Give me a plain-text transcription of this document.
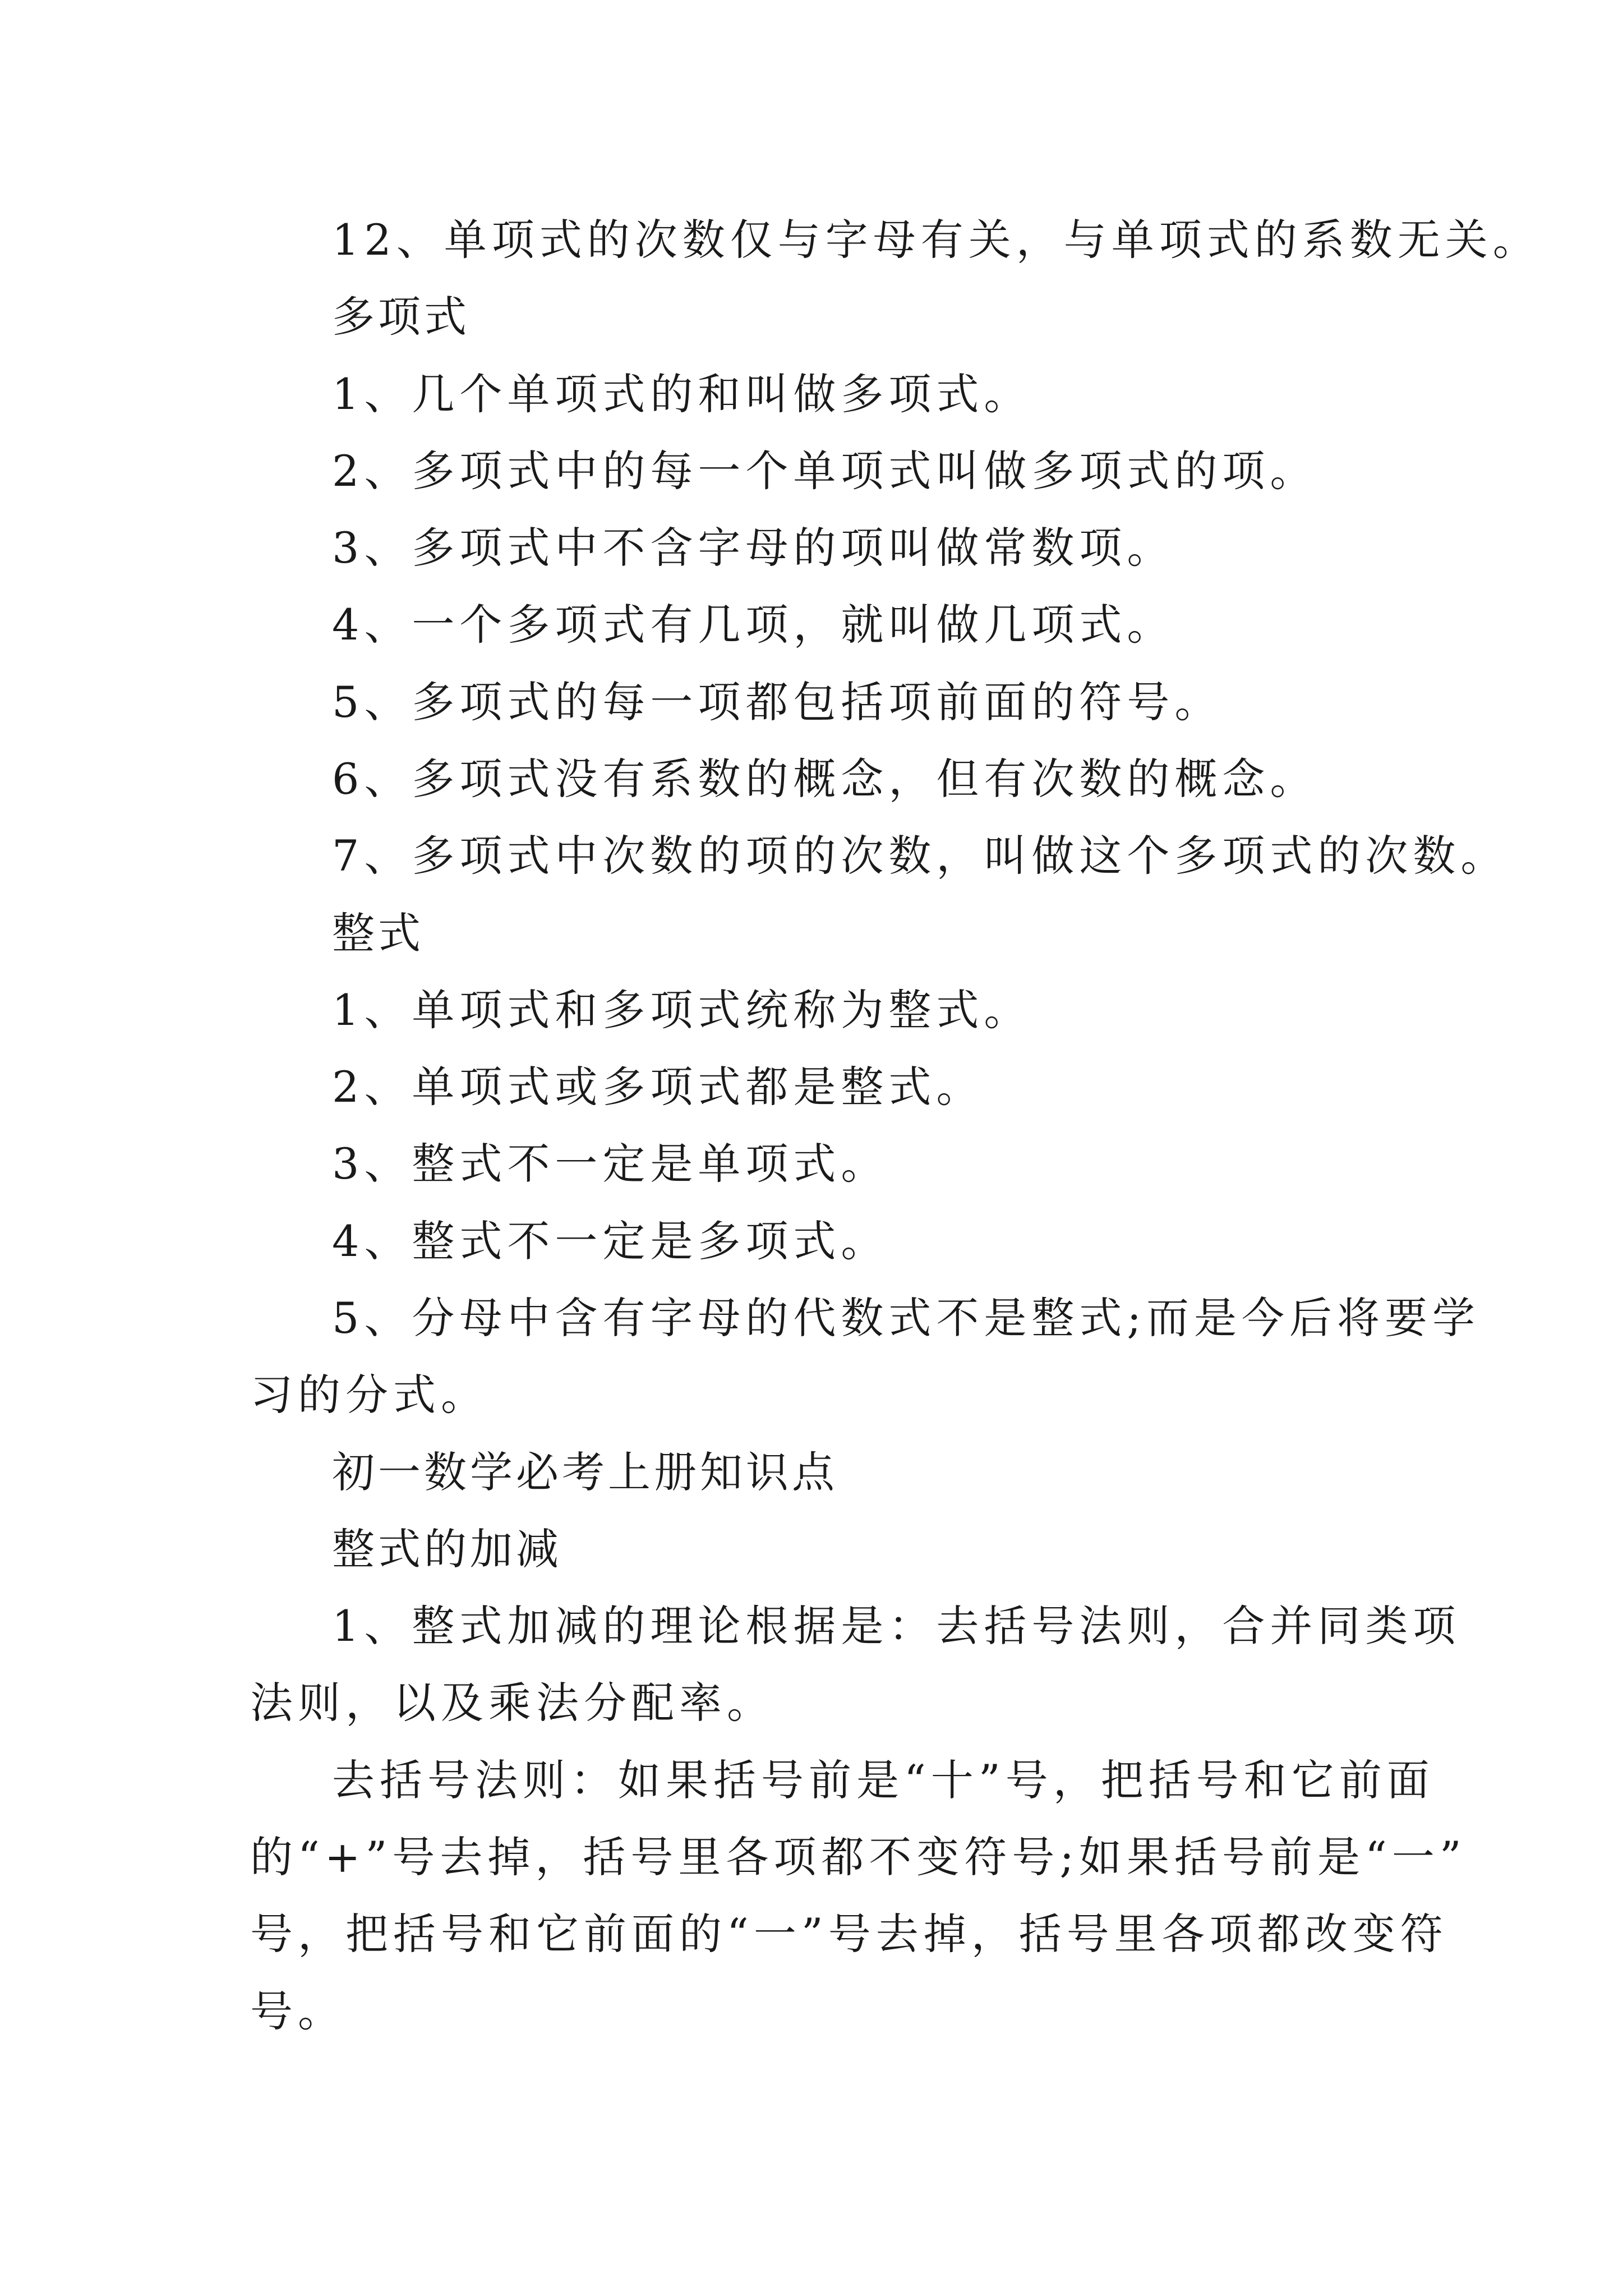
12、单项式的次数仅与字母有关，与单项式的系数无关。
多项式
1、几个单项式的和叫做多项式。
2、多项式中的每一个单项式叫做多项式的项。
3、多项式中不含字母的项叫做常数项。
4、一个多项式有几项，就叫做几项式。
5、多项式的每一项都包括项前面的符号。
6、多项式没有系数的概念，但有次数的概念。
7、多项式中次数的项的次数，叫做这个多项式的次数。
整式
1、单项式和多项式统称为整式。
2、单项式或多项式都是整式。
3、整式不一定是单项式。
4、整式不一定是多项式。
5、分母中含有字母的代数式不是整式;而是今后将要学
习的分式。
初一数学必考上册知识点
整式的加减
1、整式加减的理论根据是：去括号法则，合并同类项
法则，以及乘法分配率。
去括号法则：如果括号前是“十”号，把括号和它前面
的“+”号去掉，括号里各项都不变符号;如果括号前是“一”
号，把括号和它前面的“一”号去掉，括号里各项都改变符
号。
